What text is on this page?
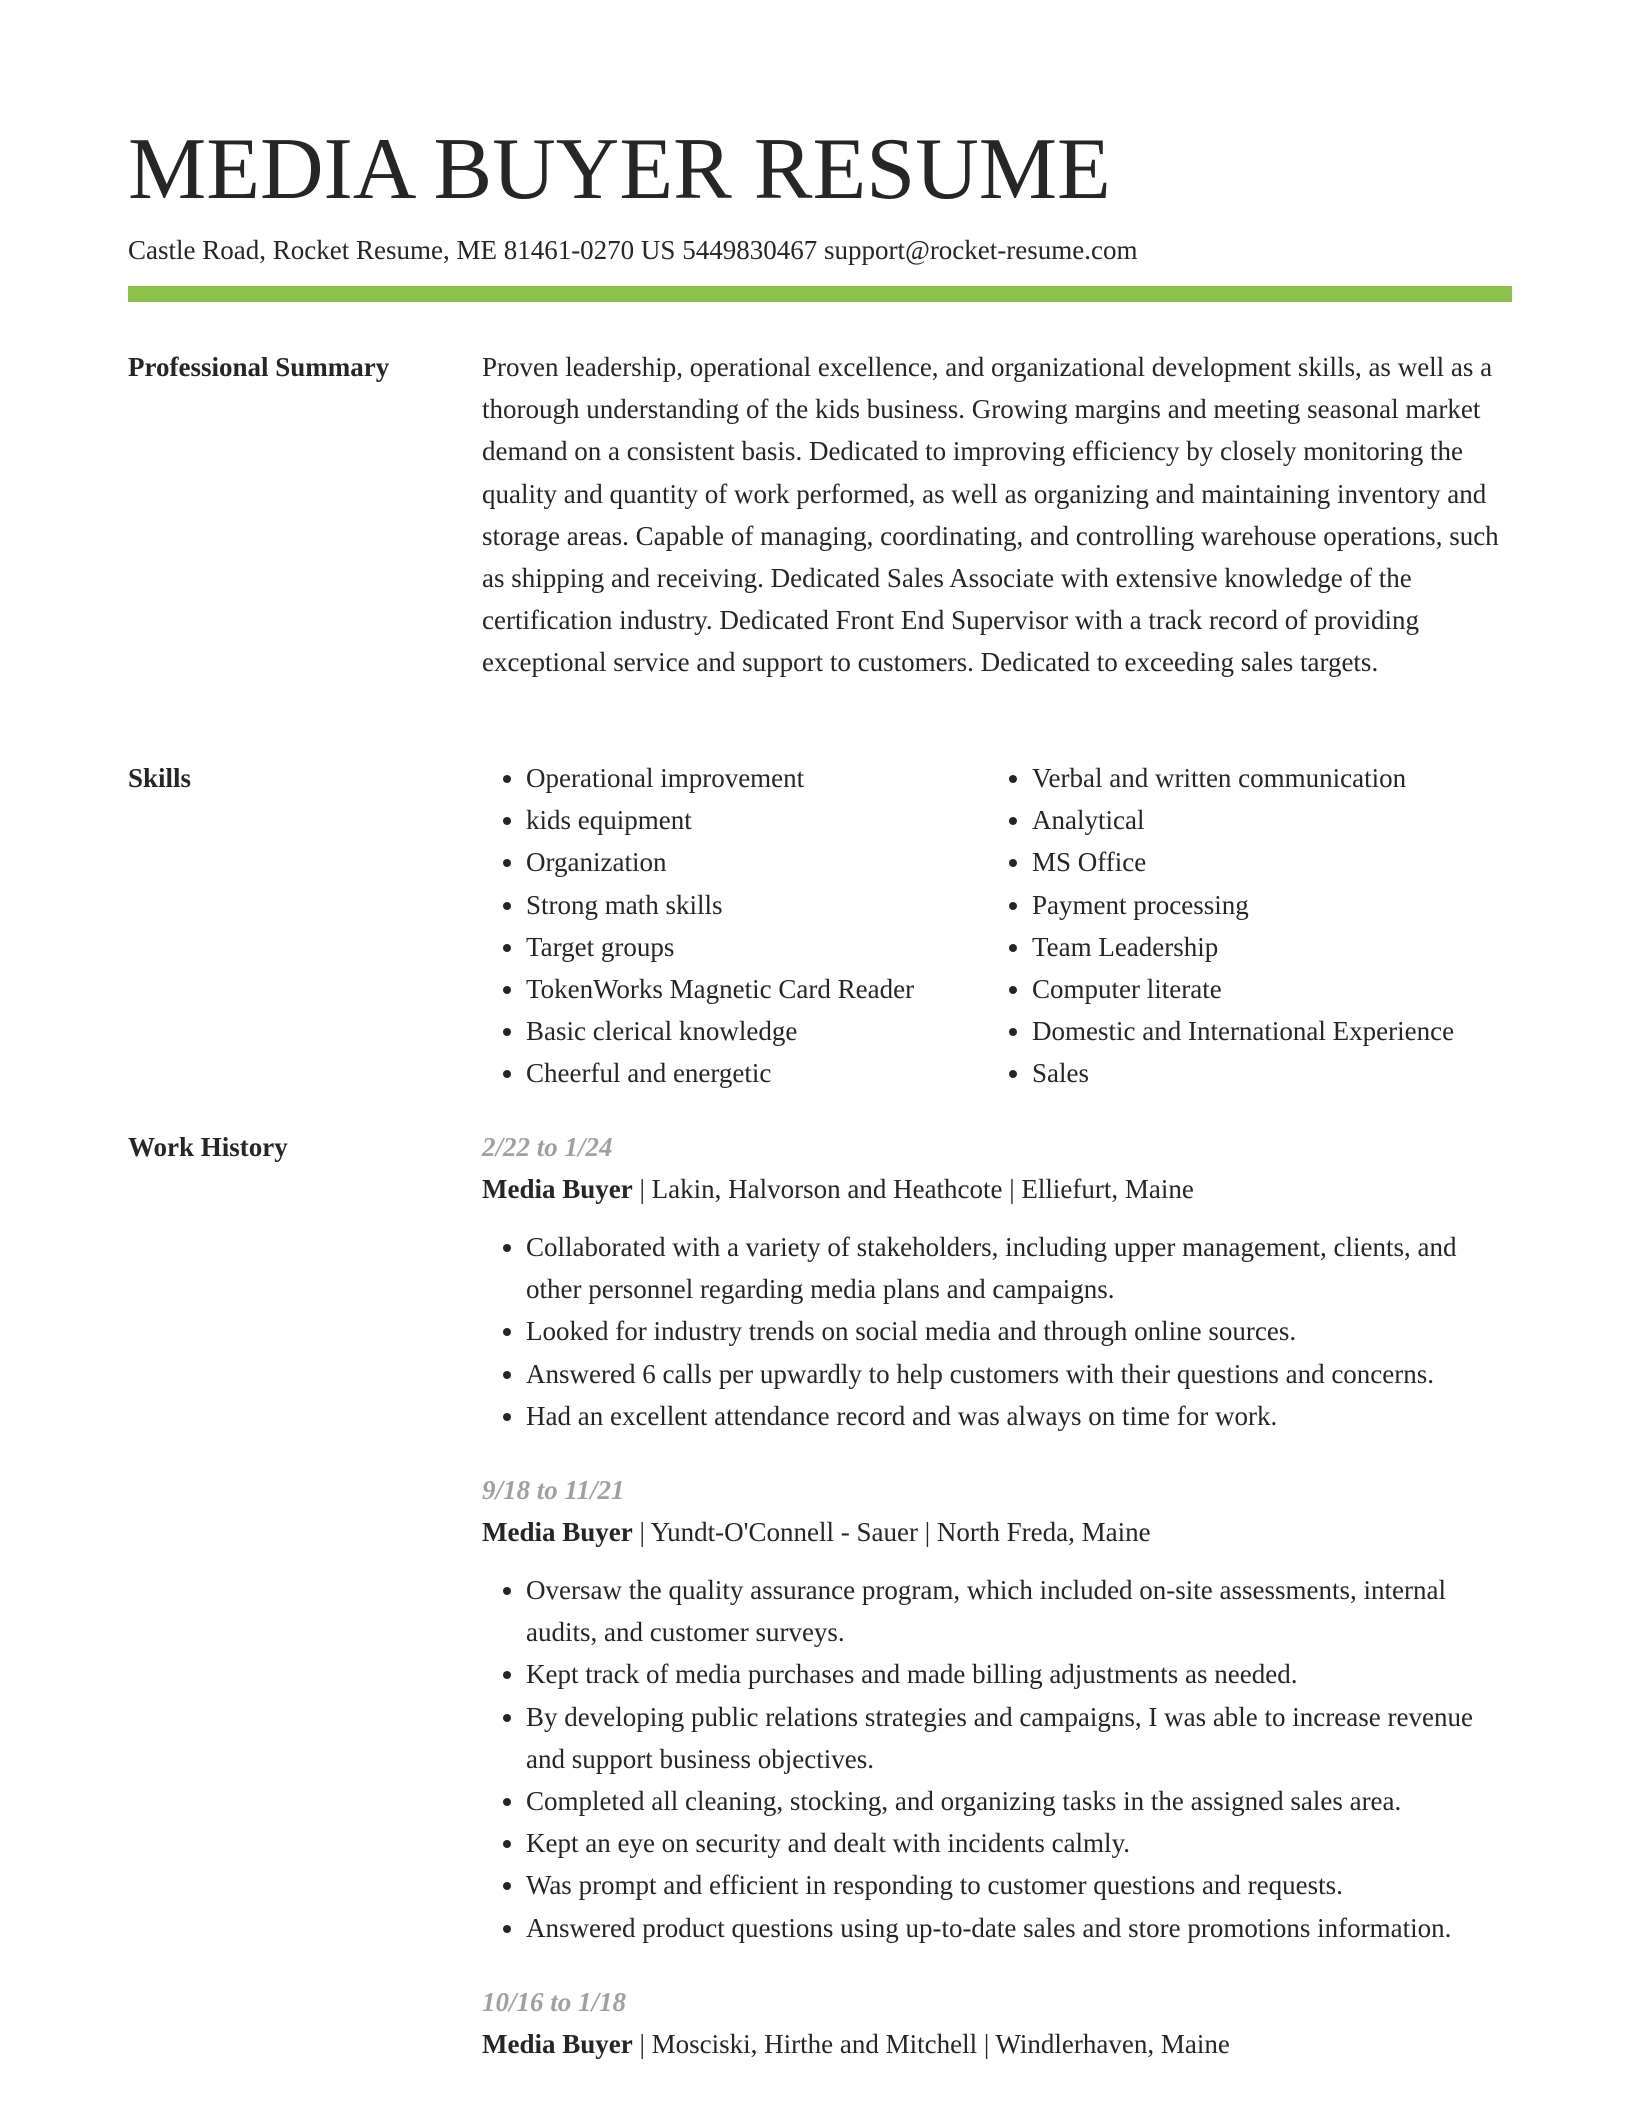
MEDIA BUYER RESUME
Castle Road, Rocket Resume, ME 81461-0270 US 5449830467 support@rocket-resume.com
Professional Summary	Proven leadership, operational excellence, and organizational development skills, as well as a thorough understanding of the kids business. Growing margins and meeting seasonal market demand on a consistent basis. Dedicated to improving efficiency by closely monitoring the quality and quantity of work performed, as well as organizing and maintaining inventory and storage areas. Capable of managing, coordinating, and controlling warehouse operations, such as shipping and receiving. Dedicated Sales Associate with extensive knowledge of the certification industry. Dedicated Front End Supervisor with a track record of providing exceptional service and support to customers. Dedicated to exceeding sales targets.

Skills
•	Operational improvement
• kids equipment
• Organization
• Strong math skills
• Target groups
• TokenWorks Magnetic Card Reader
• Basic clerical knowledge
• Cheerful and energetic
• Verbal and written communication
• Analytical
• MS Office
• Payment processing
• Team Leadership
• Computer literate
• Domestic and International Experience
• Sales
Work History	2/22 to 1/24
Media Buyer | Lakin, Halvorson and Heathcote | Elliefurt, Maine
• Collaborated with a variety of stakeholders, including upper management, clients, and other personnel regarding media plans and campaigns.
• Looked for industry trends on social media and through online sources.
• Answered 6 calls per upwardly to help customers with their questions and concerns.
• Had an excellent attendance record and was always on time for work.
9/18 to 11/21
Media Buyer | Yundt-O'Connell - Sauer | North Freda, Maine
• Oversaw the quality assurance program, which included on-site assessments, internal audits, and customer surveys.
• Kept track of media purchases and made billing adjustments as needed.
• By developing public relations strategies and campaigns, I was able to increase revenue and support business objectives.
• Completed all cleaning, stocking, and organizing tasks in the assigned sales area.
• Kept an eye on security and dealt with incidents calmly.
• Was prompt and efficient in responding to customer questions and requests.
• Answered product questions using up-to-date sales and store promotions information.
10/16 to 1/18
Media Buyer | Mosciski, Hirthe and Mitchell | Windlerhaven, Maine
